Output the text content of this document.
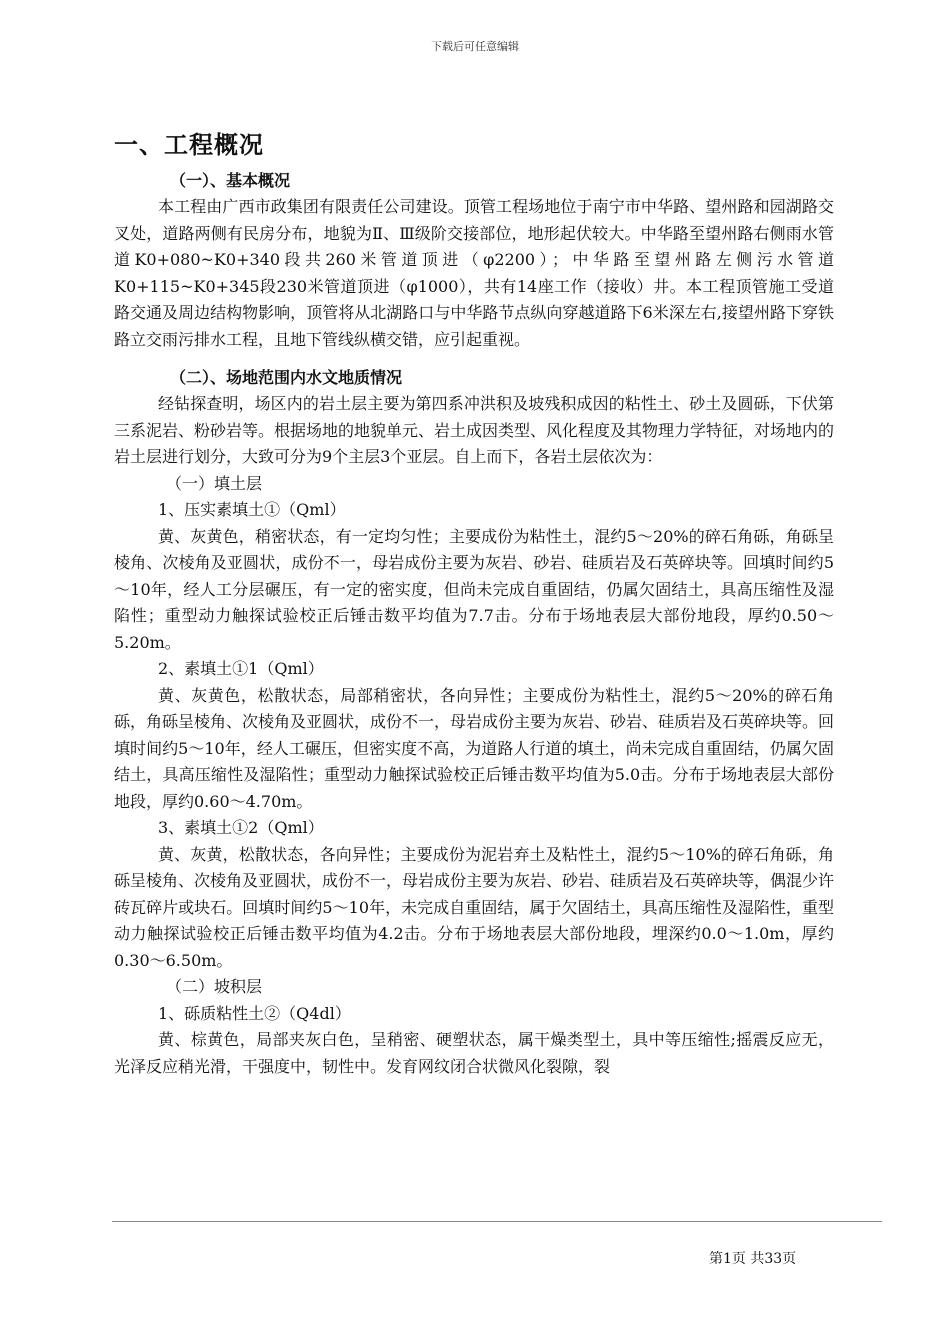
下载后可任意编辑
一、工程概况
（一）、基本概况

本工程由广西市政集团有限责任公司建设。顶管工程场地位于南宁市中华路、望州路和园湖路交叉处，道路两侧有民房分布，地貌为Ⅱ、Ⅲ级阶交接部位，地形起伏较大。中华路至望州路右侧雨水管道K0+080~K0+340段共260米管道顶进（φ2200）；中华路至望州路左侧污水管道K0+115~K0+345段230米管道顶进（φ1000），共有14座工作（接收）井。本工程顶管施工受道路交通及周边结构物影响，顶管将从北湖路口与中华路节点纵向穿越道路下6米深左右,接望州路下穿铁路立交雨污排水工程，且地下管线纵横交错，应引起重视。

（二）、场地范围内水文地质情况

经钻探查明，场区内的岩土层主要为第四系冲洪积及坡残积成因的粘性土、砂土及圆砾，下伏第三系泥岩、粉砂岩等。根据场地的地貌单元、岩土成因类型、风化程度及其物理力学特征，对场地内的岩土层进行划分，大致可分为9个主层3个亚层。自上而下，各岩土层依次为：

（一）填土层

1、压实素填土①（Qml）

黄、灰黄色，稍密状态，有一定均匀性；主要成份为粘性土，混约5～20%的碎石角砾，角砾呈棱角、次棱角及亚圆状，成份不一，母岩成份主要为灰岩、砂岩、硅质岩及石英碎块等。回填时间约5～10年，经人工分层碾压，有一定的密实度，但尚未完成自重固结，仍属欠固结土，具高压缩性及湿陷性；重型动力触探试验校正后锤击数平均值为7.7击。分布于场地表层大部份地段，厚约0.50～5.20m。

2、素填土①1（Qml）

黄、灰黄色，松散状态，局部稍密状，各向异性；主要成份为粘性土，混约5～20%的碎石角砾，角砾呈棱角、次棱角及亚圆状，成份不一，母岩成份主要为灰岩、砂岩、硅质岩及石英碎块等。回填时间约5～10年，经人工碾压，但密实度不高，为道路人行道的填土，尚未完成自重固结，仍属欠固结土，具高压缩性及湿陷性；重型动力触探试验校正后锤击数平均值为5.0击。分布于场地表层大部份地段，厚约0.60～4.70m。

3、素填土①2（Qml）

黄、灰黄，松散状态，各向异性；主要成份为泥岩弃土及粘性土，混约5～10%的碎石角砾，角砾呈棱角、次棱角及亚圆状，成份不一，母岩成份主要为灰岩、砂岩、硅质岩及石英碎块等，偶混少许砖瓦碎片或块石。回填时间约5～10年，未完成自重固结，属于欠固结土，具高压缩性及湿陷性，重型动力触探试验校正后锤击数平均值为4.2击。分布于场地表层大部份地段，埋深约0.0～1.0m，厚约0.30～6.50m。

（二）坡积层

1、砾质粘性土②（Q4dl）

黄、棕黄色，局部夹灰白色，呈稍密、硬塑状态，属干燥类型土，具中等压缩性;摇震反应无，光泽反应稍光滑，干强度中，韧性中。发育网纹闭合状微风化裂隙，裂

第1页 共33页
